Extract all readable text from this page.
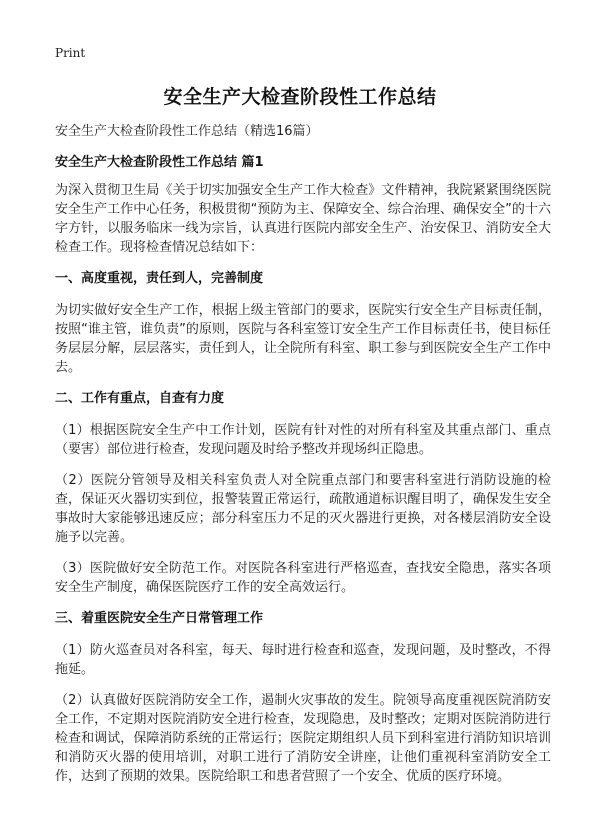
Print
安全生产大检查阶段性工作总结
安全生产大检查阶段性工作总结（精选16篇）
安全生产大检查阶段性工作总结 篇1

为深入贯彻卫生局《关于切实加强安全生产工作大检查》文件精神，我院紧紧围绕医院安全生产工作中心任务，积极贯彻“预防为主、保障安全、综合治理、确保安全”的十六字方针，以服务临床一线为宗旨，认真进行医院内部安全生产、治安保卫、消防安全大检查工作。现将检查情况总结如下：

一、高度重视，责任到人，完善制度

为切实做好安全生产工作，根据上级主管部门的要求，医院实行安全生产目标责任制，按照“谁主管，谁负责”的原则，医院与各科室签订安全生产工作目标责任书，使目标任务层层分解，层层落实，责任到人，让全院所有科室、职工参与到医院安全生产工作中去。

二、工作有重点，自查有力度

（1）根据医院安全生产中工作计划，医院有针对性的对所有科室及其重点部门、重点（要害）部位进行检查，发现问题及时给予整改并现场纠正隐患。

（2）医院分管领导及相关科室负责人对全院重点部门和要害科室进行消防设施的检查，保证灭火器切实到位，报警装置正常运行，疏散通道标识醒目明了，确保发生安全事故时大家能够迅速反应；部分科室压力不足的灭火器进行更换，对各楼层消防安全设施予以完善。

（3）医院做好安全防范工作。对医院各科室进行严格巡查，查找安全隐患，落实各项安全生产制度，确保医院医疗工作的安全高效运行。

三、着重医院安全生产日常管理工作

（1）防火巡查员对各科室，每天、每时进行检查和巡查，发现问题，及时整改，不得拖延。

（2）认真做好医院消防安全工作，遏制火灾事故的发生。院领导高度重视医院消防安全工作，不定期对医院消防安全进行检查，发现隐患，及时整改；定期对医院消防进行检查和调试，保障消防系统的正常运行；医院定期组织人员下到科室进行消防知识培训和消防灭火器的使用培训，对职工进行了消防安全讲座，让他们重视科室消防安全工作，达到了预期的效果。医院给职工和患者营照了一个安全、优质的医疗环境。
